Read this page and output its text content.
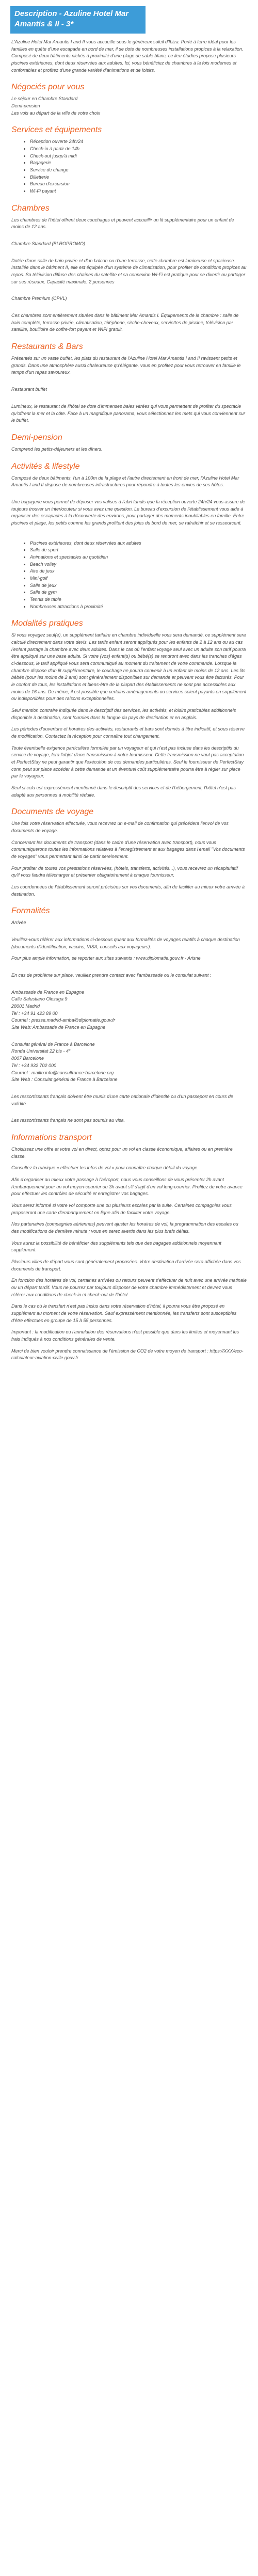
Description - Azuline Hotel Mar Amantis & II - 3*

L'Azuline Hotel Mar Amantis I and II vous accueille sous le généreux soleil d'Ibiza. Porté à terre idéal pour les familles en quête d'une escapade en bord de mer, il se dote de nombreuses installations propices à la relaxation. Composé de deux bâtiments nichés à proximité d'une plage de sable blanc, ce lieu étudies propose plusieurs piscines extérieures, dont deux réservées aux adultes. Ici, vous bénéficiez de chambres à la fois modernes et confortables et profitez d'une grande variété d'animations et de loisirs.

Négociés pour vous

Le séjour en Chambre Standard

Demi-pension

Les vols au départ de la ville de votre choix

Services et équipements
• Réception ouverte 24h/24
• Check-in à partir de 14h
• Check-out jusqu'à midi
• Bagagerie
• Service de change
• Billetterie
• Bureau d'excursion
• Wi-Fi payant
Chambres

Les chambres de l'hôtel offrent deux couchages et peuvent accueillir un lit supplémentaire pour un enfant de moins de 12 ans.

Chambre Standard (BLROPROMO)

Dotée d'une salle de bain privée et d'un balcon ou d'une terrasse, cette chambre est lumineuse et spacieuse. Installée dans le bâtiment II, elle est équipée d'un système de climatisation, pour profiter de conditions propices au repos. Sa télévision diffuse des chaînes du satellite et sa connexion Wi-Fi est pratique pour se divertir ou partager sur ses réseaux. Capacité maximale: 2 personnes

Chambre Premium (CPVL)

Ces chambres sont entièrement situées dans le bâtiment Mar Amantis I. Équipements de la chambre : salle de bain complète, terrasse privée, climatisation, téléphone, sèche-cheveux, serviettes de piscine, télévision par satellite, bouilloire de coffre-fort payant et WIFI gratuit.

Restaurants & Bars

Présentés sur un vaste buffet, les plats du restaurant de l'Azuline Hotel Mar Amantis I and II ravissent petits et grands. Dans une atmosphère aussi chaleureuse qu'élégante, vous en profitez pour vous retrouver en famille le temps d'un repas savoureux.

Restaurant buffet

Lumineux, le restaurant de l'hôtel se dote d'immenses baies vitrées qui vous permettent de profiter du spectacle qu'offrent la mer et la côte. Face à un magnifique panorama, vous sélectionnez les mets qui vous conviennent sur le buffet.

Demi-pension

Comprend les petits-déjeuners et les dîners.

Activités & lifestyle

Composé de deux bâtiments, l'un à 100m de la plage et l'autre directement en front de mer, l'Azuline Hotel Mar Amantis I and II dispose de nombreuses infrastructures pour répondre à toutes les envies de ses hôtes.

Une bagagerie vous permet de déposer vos valises à l'abri tandis que la réception ouverte 24h/24 vous assure de toujours trouver un interlocuteur si vous avez une question. Le bureau d'excursion de l'établissement vous aide à organiser des escapades à la découverte des environs, pour partager des moments inoubliables en famille. Entre piscines et plage, les petits comme les grands profitent des joies du bord de mer, se rafraîchir et se ressourcent.

• Piscines extérieures, dont deux réservées aux adultes
• Salle de sport
• Animations et spectacles au quotidien
• Beach volley
• Aire de jeux
• Mini-golf
• Salle de jeux
• Salle de gym
• Tennis de table
• Nombreuses attractions à proximité
Modalités pratiques

Si vous voyagez seul(e), un supplément tarifaire en chambre individuelle vous sera demandé, ce supplément sera calculé directement dans votre devis. Les tarifs enfant seront appliqués pour les enfants de 2 à 12 ans ou au cas l'enfant partage la chambre avec deux adultes. Dans le cas où l'enfant voyage seul avec un adulte son tarif pourra être appliqué sur une base adulte. Si votre (vos) enfant(s) ou bébé(s) se rendront avec dans les tranches d'âges ci-dessous, le tarif appliqué vous sera communiqué au moment du traitement de votre commande. Lorsque la chambre dispose d'un lit supplémentaire, le couchage ne pourra convenir à un enfant de moins de 12 ans. Les lits bébés (pour les moins de 2 ans) sont généralement disponibles sur demande et peuvent vous être facturés. Pour le confort de tous, les installations et biens-être de la plupart des établissements ne sont pas accessibles aux moins de 16 ans. De même, il est possible que certains aménagements ou services soient payants en supplément ou indisponibles pour des raisons exceptionnelles.

Seul mention contraire indiquée dans le descriptif des services, les activités, et loisirs praticables additionnels disponible à destination, sont fournies dans la langue du pays de destination et en anglais.

Les périodes d'ouverture et horaires des activités, restaurants et bars sont donnés à titre indicatif, et sous réserve de modification. Contactez la réception pour connaître tout changement.

Toute éventuelle exigence particulière formulée par un voyageur et qui n'est pas incluse dans les descriptifs du service de voyage, fera l'objet d'une transmission à notre fournisseur. Cette transmission ne vaut pas acceptation et PerfectStay ne peut garantir que l'exécution de ces demandes particulières. Seul le fournisseur de PerfectStay conn peut sur place accéder à cette demande et un éventuel coût supplémentaire pourra être à régler sur place par le voyageur.

Seul si cela est expressément mentionné dans le descriptif des services et de l'hébergement, l'hôtel n'est pas adapté aux personnes à mobilité réduite.

Documents de voyage

Une fois votre réservation effectuée, vous recevrez un e-mail de confirmation qui précédera l'envoi de vos documents de voyage.

Concernant les documents de transport (dans le cadre d'une réservation avec transport), nous vous communiquerons toutes les informations relatives à l'enregistrement et aux bagages dans l'email "Vos documents de voyages" vous permettant ainsi de partir sereinement.

Pour profiter de toutes vos prestations réservées, (hôtels, transferts, activités...), vous recevrez un récapitulatif qu'il vous faudra télécharger et présenter obligatoirement à chaque fournisseur.

Les coordonnées de l'établissement seront précisées sur vos documents, afin de faciliter au mieux votre arrivée à destination.

Formalités

Arrivée

Veuillez-vous référer aux informations ci-dessous quant aux formalités de voyages relatifs à chaque destination (documents d'identification, vaccins, VISA, conseils aux voyageurs).

Pour plus ample information, se reporter aux sites suivants : www.diplomatie.gouv.fr - Arisne

En cas de problème sur place, veuillez prendre contact avec l'ambassade ou le consulat suivant :

Ambassade de France en Espagne
Calle Salustiano Olozaga 9
28001 Madrid
Tel : +34 91 423 89 00
Courriel : presse.madrid-amba@diplomatie.gouv.fr
Site Web: Ambassade de France en Espagne

Consulat général de France à Barcelone
Ronda Universitat 22 bis - 4°
8007 Barcelone
Tel : +34 932 702 000
Courriel : mailto:info@consulfrance-barcelone.org
Site Web : Consulat général de France à Barcelone

Les ressortissants français doivent être munis d'une carte nationale d'identité ou d'un passeport en cours de validité.

Les ressortissants français ne sont pas soumis au visa.

Informations transport

Choisissez une offre et votre vol en direct, optez pour un vol en classe économique, affaires ou en première classe.

Consultez la rubrique « effectuer les infos de vol » pour connaître chaque détail du voyage.

Afin d'organiser au mieux votre passage à l'aéroport, nous vous conseillons de vous présenter 2h avant l'embarquement pour un vol moyen-courrier ou 3h avant s'il s'agit d'un vol long-courrier. Profitez de votre avance pour effectuer les contrôles de sécurité et enregistrer vos bagages.

Vous serez informé si votre vol comporte une ou plusieurs escales par la suite. Certaines compagnies vous proposeront une carte d'embarquement en ligne afin de faciliter votre voyage.

Nos partenaires (compagnies aériennes) peuvent ajuster les horaires de vol, la programmation des escales ou des modifications de dernière minute ; vous en serez avertis dans les plus brefs délais.

Vous aurez la possibilité de bénéficier des suppléments tels que des bagages additionnels moyennant supplément.

Plusieurs villes de départ vous sont généralement proposées. Votre destination d'arrivée sera affichée dans vos documents de transport.

En fonction des horaires de vol, certaines arrivées ou retours peuvent s'effectuer de nuit avec une arrivée matinale ou un départ tardif. Vous ne pourrez par toujours disposer de votre chambre immédiatement et devrez vous référer aux conditions de check-in et check-out de l'hôtel.

Dans le cas où le transfert n'est pas inclus dans votre réservation d'hôtel, il pourra vous être proposé en supplément au moment de votre réservation. Sauf expressément mentionnée, les transferts sont susceptibles d'être effectués en groupe de 15 à 55 personnes.

Important : la modification ou l'annulation des réservations n'est possible que dans les limites et moyennant les frais indiqués à nos conditions générales de vente.

Merci de bien vouloir prendre connaissance de l'émission de CO2 de votre moyen de transport : https://XXX/eco-calculateur-aviation-civile.gouv.fr
